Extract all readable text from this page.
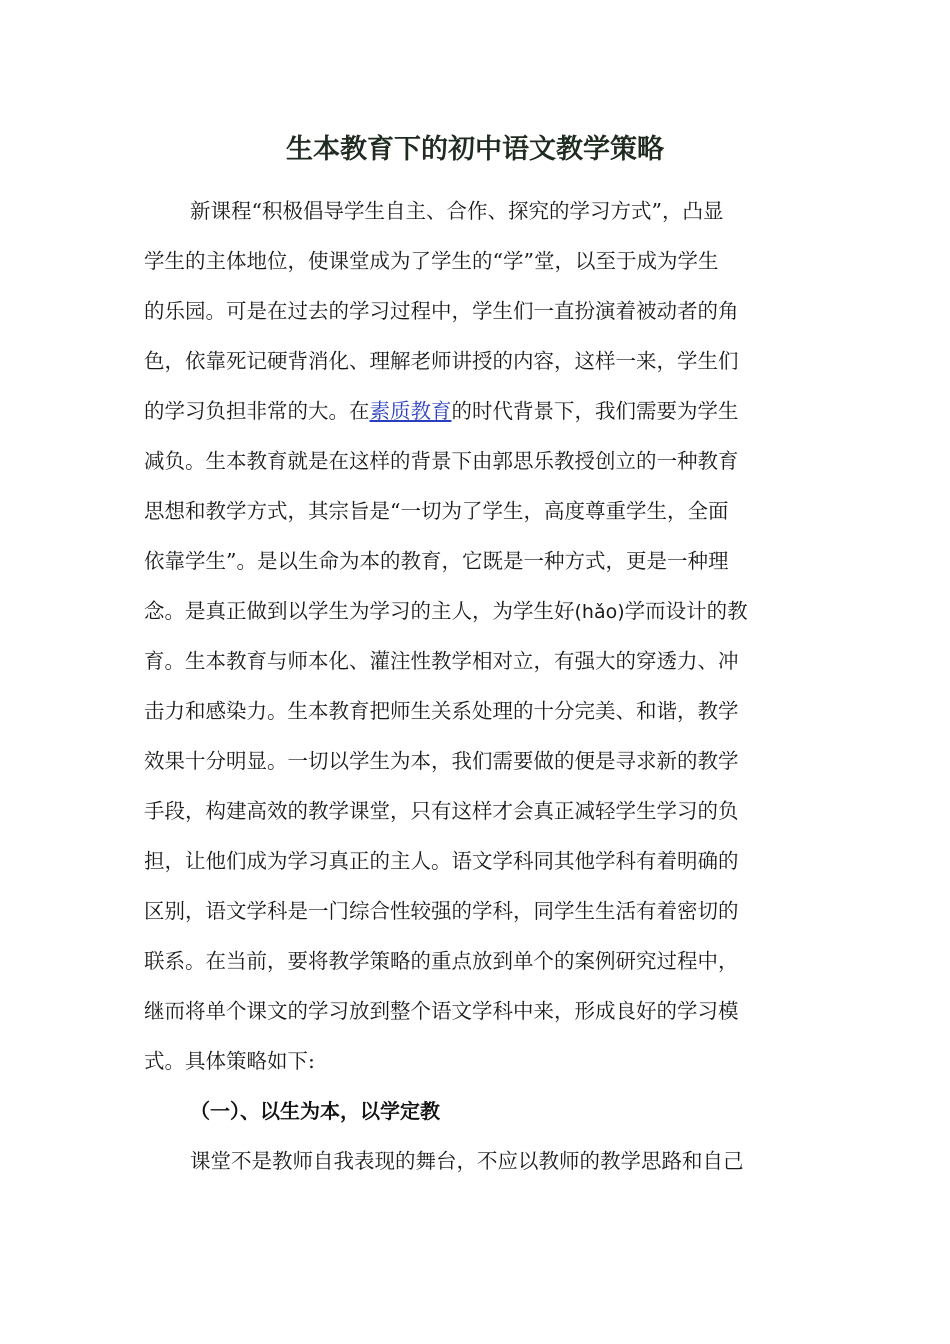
生本教育下的初中语文教学策略
新课程“积极倡导学生自主、合作、探究的学习方式”，凸显
学生的主体地位，使课堂成为了学生的“学”堂，以至于成为学生
的乐园。可是在过去的学习过程中，学生们一直扮演着被动者的角
色，依靠死记硬背消化、理解老师讲授的内容，这样一来，学生们
的学习负担非常的大。在素质教育的时代背景下，我们需要为学生
减负。生本教育就是在这样的背景下由郭思乐教授创立的一种教育
思想和教学方式，其宗旨是“一切为了学生，高度尊重学生，全面
依靠学生”。是以生命为本的教育，它既是一种方式，更是一种理
念。是真正做到以学生为学习的主人，为学生好(hǎo)学而设计的教
育。生本教育与师本化、灌注性教学相对立，有强大的穿透力、冲
击力和感染力。生本教育把师生关系处理的十分完美、和谐，教学
效果十分明显。一切以学生为本，我们需要做的便是寻求新的教学
手段，构建高效的教学课堂，只有这样才会真正减轻学生学习的负
担，让他们成为学习真正的主人。语文学科同其他学科有着明确的
区别，语文学科是一门综合性较强的学科，同学生生活有着密切的
联系。在当前，要将教学策略的重点放到单个的案例研究过程中，
继而将单个课文的学习放到整个语文学科中来，形成良好的学习模
式。具体策略如下:
（一）、以生为本，以学定教
课堂不是教师自我表现的舞台，不应以教师的教学思路和自己
